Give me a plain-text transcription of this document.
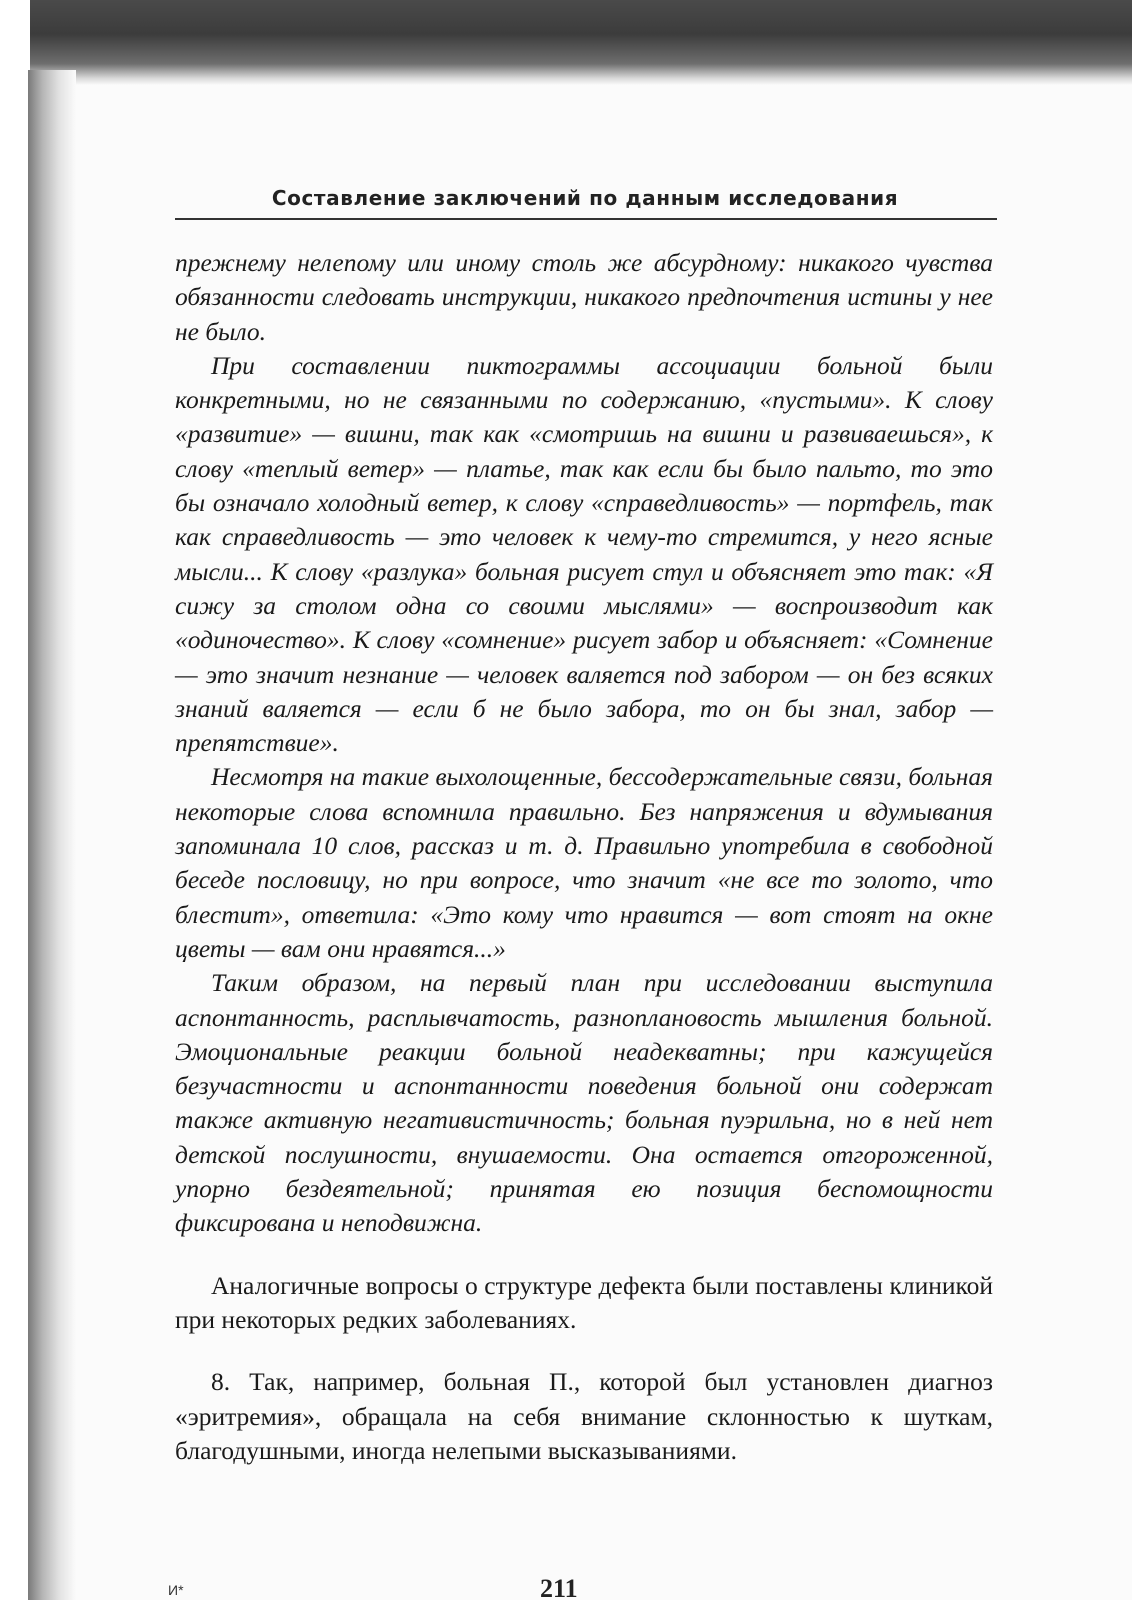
Составление заключений по данным исследования

прежнему нелепому или иному столь же абсурдному: никакого чувства обязанности следовать инструкции, никакого предпочтения истины у нее не было.

При составлении пиктограммы ассоциации больной были конкретными, но не связанными по содержанию, «пустыми». К слову «развитие» — вишни, так как «смотришь на вишни и развиваешься», к слову «теплый ветер» — платье, так как если бы было пальто, то это бы означало холодный ветер, к слову «справедливость» — портфель, так как справедливость — это человек к чему-то стремится, у него ясные мысли... К слову «разлука» больная рисует стул и объясняет это так: «Я сижу за столом одна со своими мыслями» — воспроизводит как «одиночество». К слову «сомнение» рисует забор и объясняет: «Сомнение — это значит незнание — человек валяется под забором — он без всяких знаний валяется — если б не было забора, то он бы знал, забор — препятствие».

Несмотря на такие выхолощенные, бессодержательные связи, больная некоторые слова вспомнила правильно. Без напряжения и вдумывания запоминала 10 слов, рассказ и т. д. Правильно употребила в свободной беседе пословицу, но при вопросе, что значит «не все то золото, что блестит», ответила: «Это кому что нравится — вот стоят на окне цветы — вам они нравятся...»

Таким образом, на первый план при исследовании выступила аспонтанность, расплывчатость, разноплановость мышления больной. Эмоциональные реакции больной неадекватны; при кажущейся безучастности и аспонтанности поведения больной они содержат также активную негативистичность; больная пуэрильна, но в ней нет детской послушности, внушаемости. Она остается отгороженной, упорно бездеятельной; принятая ею позиция беспомощности фиксирована и неподвижна.

Аналогичные вопросы о структуре дефекта были поставлены клиникой при некоторых редких заболеваниях.

8. Так, например, больная П., которой был установлен диагноз «эритремия», обращала на себя внимание склонностью к шуткам, благодушными, иногда нелепыми высказываниями.

И*	211
